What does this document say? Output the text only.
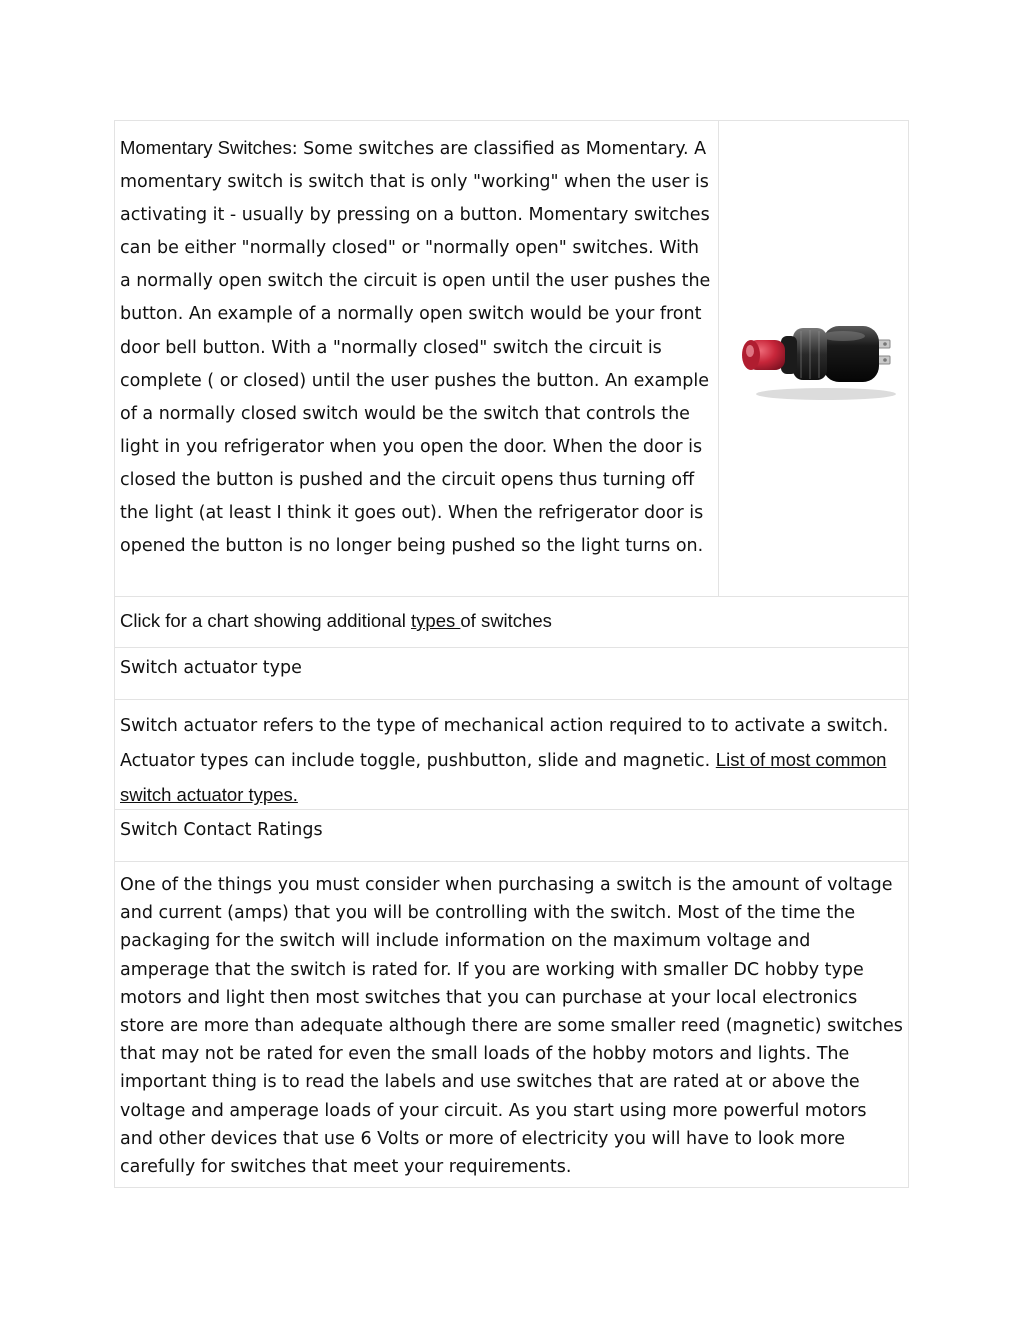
Momentary Switches: Some switches are classified as Momentary. A momentary switch is switch that is only "working" when the user is activating it - usually by pressing on a button. Momentary switches can be either "normally closed" or "normally open" switches. With a normally open switch the circuit is open until the user pushes the button. An example of a normally open switch would be your front door bell button. With a "normally closed" switch the circuit is complete ( or closed) until the user pushes the button. An example of a normally closed switch would be the switch that controls the light in you refrigerator when you open the door. When the door is closed the button is pushed and the circuit opens thus turning off the light (at least I think it goes out). When the refrigerator door is opened the button is no longer being pushed so the light turns on.

Click for a chart showing additional types of switches
Switch actuator type

Switch actuator refers to the type of mechanical action required to to activate a switch. Actuator types can include toggle, pushbutton, slide and magnetic. List of most common switch actuator types.

Switch Contact Ratings

One of the things you must consider when purchasing a switch is the amount of voltage and current (amps) that you will be controlling with the switch. Most of the time the packaging for the switch will include information on the maximum voltage and amperage that the switch is rated for. If you are working with smaller DC hobby type motors and light then most switches that you can purchase at your local electronics store are more than adequate although there are some smaller reed (magnetic) switches that may not be rated for even the small loads of the hobby motors and lights. The important thing is to read the labels and use switches that are rated at or above the voltage and amperage loads of your circuit. As you start using more powerful motors and other devices that use 6 Volts or more of electricity you will have to look more carefully for switches that meet your requirements.
